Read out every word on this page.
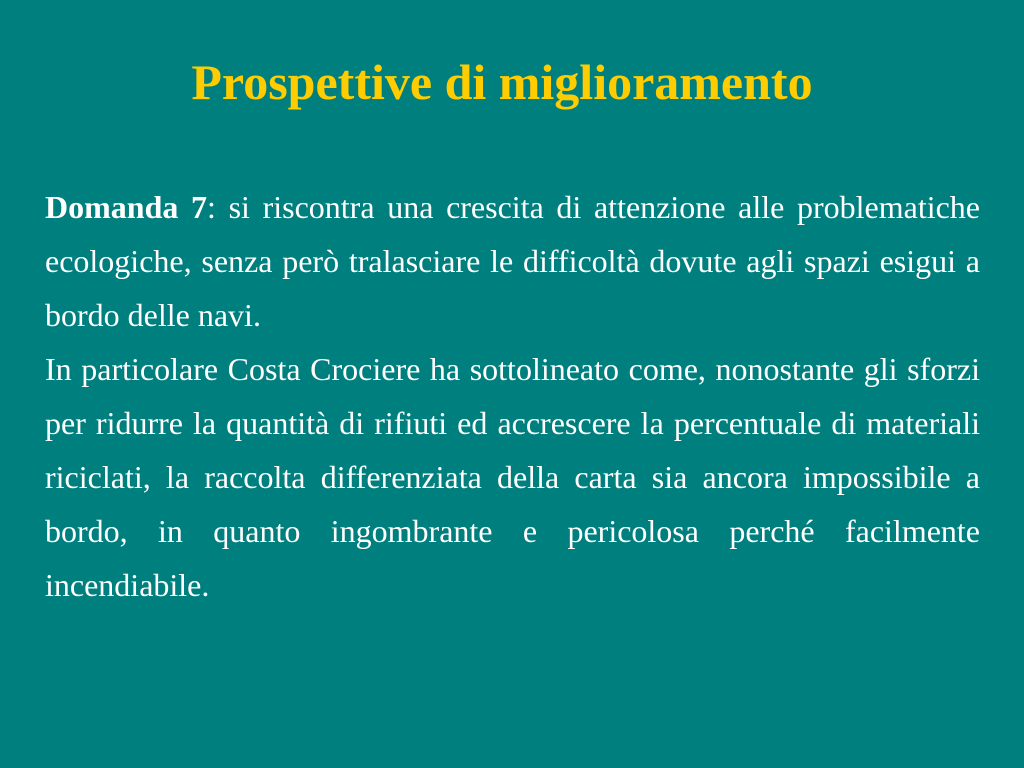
Prospettive di miglioramento

Domanda 7: si riscontra una crescita di attenzione alle problematiche ecologiche, senza però tralasciare le difficoltà dovute agli spazi esigui a bordo delle navi.

In particolare Costa Crociere ha sottolineato come, nonostante gli sforzi per ridurre la quantità di rifiuti ed accrescere la percentuale di materiali riciclati, la raccolta differenziata della carta sia ancora impossibile a bordo, in quanto ingombrante e pericolosa perché facilmente incendiabile.
